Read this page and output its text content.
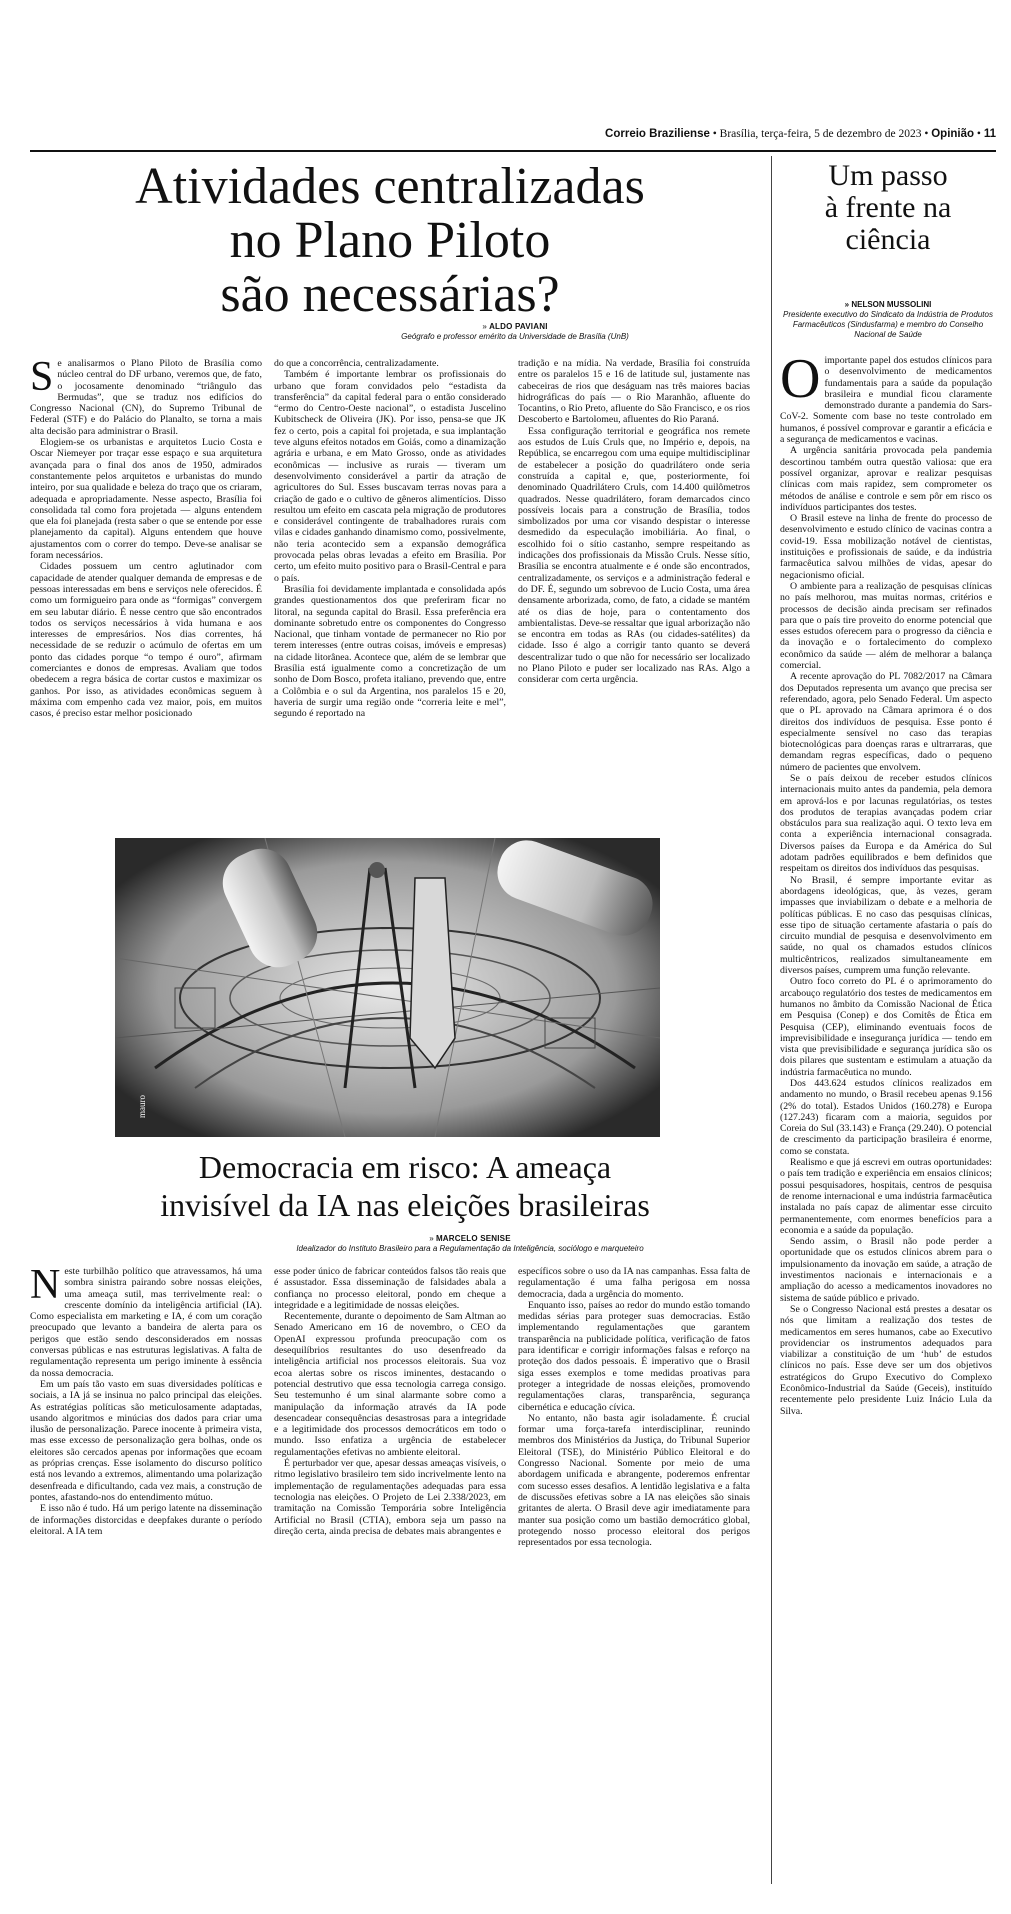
Correio Braziliense • Brasília, terça-feira, 5 de dezembro de 2023 • Opinião • 11
Atividades centralizadas
no Plano Piloto
são necessárias?
» ALDO PAVIANI
Geógrafo e professor emérito da Universidade de Brasília (UnB)
S e analisarmos o Plano Piloto de Brasília como núcleo central do DF urbano, veremos que, de fato, o jocosamente denominado “triângulo das Bermudas”, que se traduz nos edifícios do Congresso Nacional (CN), do Supremo Tribunal de Federal (STF) e do Palácio do Planalto, se torna a mais alta decisão para administrar o Brasil.

Elogiem-se os urbanistas e arquitetos Lucio Costa e Oscar Niemeyer por traçar esse espaço e sua arquitetura avançada para o final dos anos de 1950, admirados constantemente pelos arquitetos e urbanistas do mundo inteiro, por sua qualidade e beleza do traço que os criaram, adequada e apropriadamente. Nesse aspecto, Brasília foi consolidada tal como fora projetada — alguns entendem que ela foi planejada (resta saber o que se entende por esse planejamento da capital). Alguns entendem que houve ajustamentos com o correr do tempo. Deve-se analisar se foram necessários.

Cidades possuem um centro aglutinador com capacidade de atender qualquer demanda de empresas e de pessoas interessadas em bens e serviços nele oferecidos. É como um formigueiro para onde as “formigas” convergem em seu labutar diário. É nesse centro que são encontrados todos os serviços necessários à vida humana e aos interesses de empresários. Nos dias correntes, há necessidade de se reduzir o acúmulo de ofertas em um ponto das cidades porque “o tempo é ouro”, afirmam comerciantes e donos de empresas. Avaliam que todos obedecem a regra básica de cortar custos e maximizar os ganhos. Por isso, as atividades econômicas seguem à máxima com empenho cada vez maior, pois, em muitos casos, é preciso estar melhor posicionado

do que a concorrência, centralizadamente.

Também é importante lembrar os profissionais do urbano que foram convidados pelo “estadista da transferência” da capital federal para o então considerado “ermo do Centro-Oeste nacional”, o estadista Juscelino Kubitscheck de Oliveira (JK). Por isso, pensa-se que JK fez o certo, pois a capital foi projetada, e sua implantação teve alguns efeitos notados em Goiás, como a dinamização agrária e urbana, e em Mato Grosso, onde as atividades econômicas — inclusive as rurais — tiveram um desenvolvimento considerável a partir da atração de agricultores do Sul. Esses buscavam terras novas para a criação de gado e o cultivo de gêneros alimentícios. Disso resultou um efeito em cascata pela migração de produtores e considerável contingente de trabalhadores rurais com vilas e cidades ganhando dinamismo como, possivelmente, não teria acontecido sem a expansão demográfica provocada pelas obras levadas a efeito em Brasília. Por certo, um efeito muito positivo para o Brasil-Central e para o país.

Brasília foi devidamente implantada e consolidada após grandes questionamentos dos que preferiram ficar no litoral, na segunda capital do Brasil. Essa preferência era dominante sobretudo entre os componentes do Congresso Nacional, que tinham vontade de permanecer no Rio por terem interesses (entre outras coisas, imóveis e empresas) na cidade litorânea. Acontece que, além de se lembrar que Brasília está igualmente como a concretização de um sonho de Dom Bosco, profeta italiano, prevendo que, entre a Colômbia e o sul da Argentina, nos paralelos 15 e 20, haveria de surgir uma região onde “correria leite e mel”, segundo é reportado na

tradição e na mídia. Na verdade, Brasília foi construída entre os paralelos 15 e 16 de latitude sul, justamente nas cabeceiras de rios que deságuam nas três maiores bacias hidrográficas do país — o Rio Maranhão, afluente do Tocantins, o Rio Preto, afluente do São Francisco, e os rios Descoberto e Bartolomeu, afluentes do Rio Paraná.

Essa configuração territorial e geográfica nos remete aos estudos de Luís Cruls que, no Império e, depois, na República, se encarregou com uma equipe multidisciplinar de estabelecer a posição do quadrilátero onde seria construída a capital e, que, posteriormente, foi denominado Quadrilátero Cruls, com 14.400 quilômetros quadrados. Nesse quadrilátero, foram demarcados cinco possíveis locais para a construção de Brasília, todos simbolizados por uma cor visando despistar o interesse desmedido da especulação imobiliária. Ao final, o escolhido foi o sítio castanho, sempre respeitando as indicações dos profissionais da Missão Cruls. Nesse sítio, Brasília se encontra atualmente e é onde são encontrados, centralizadamente, os serviços e a administração federal e do DF. É, segundo um sobrevoo de Lucio Costa, uma área densamente arborizada, como, de fato, a cidade se mantém até os dias de hoje, para o contentamento dos ambientalistas. Deve-se ressaltar que igual arborização não se encontra em todas as RAs (ou cidades-satélites) da cidade. Isso é algo a corrigir tanto quanto se deverá descentralizar tudo o que não for necessário ser localizado no Plano Piloto e puder ser localizado nas RAs. Algo a considerar com certa urgência.

mauro
Democracia em risco: A ameaça
invisível da IA nas eleições brasileiras
» MARCELO SENISE
Idealizador do Instituto Brasileiro para a Regulamentação da Inteligência, sociólogo e marqueteiro
N este turbilhão político que atravessamos, há uma sombra sinistra pairando sobre nossas eleições, uma ameaça sutil, mas terrivelmente real: o crescente domínio da inteligência artificial (IA). Como especialista em marketing e IA, é com um coração preocupado que levanto a bandeira de alerta para os perigos que estão sendo desconsiderados em nossas conversas públicas e nas estruturas legislativas. A falta de regulamentação representa um perigo iminente à essência da nossa democracia.

Em um país tão vasto em suas diversidades políticas e sociais, a IA já se insinua no palco principal das eleições. As estratégias políticas são meticulosamente adaptadas, usando algoritmos e minúcias dos dados para criar uma ilusão de personalização. Parece inocente à primeira vista, mas esse excesso de personalização gera bolhas, onde os eleitores são cercados apenas por informações que ecoam as próprias crenças. Esse isolamento do discurso político está nos levando a extremos, alimentando uma polarização desenfreada e dificultando, cada vez mais, a construção de pontes, afastando-nos do entendimento mútuo.

E isso não é tudo. Há um perigo latente na disseminação de informações distorcidas e deepfakes durante o período eleitoral. A IA tem

esse poder único de fabricar conteúdos falsos tão reais que é assustador. Essa disseminação de falsidades abala a confiança no processo eleitoral, pondo em cheque a integridade e a legitimidade de nossas eleições.

Recentemente, durante o depoimento de Sam Altman ao Senado Americano em 16 de novembro, o CEO da OpenAI expressou profunda preocupação com os desequilíbrios resultantes do uso desenfreado da inteligência artificial nos processos eleitorais. Sua voz ecoa alertas sobre os riscos iminentes, destacando o potencial destrutivo que essa tecnologia carrega consigo. Seu testemunho é um sinal alarmante sobre como a manipulação da informação através da IA pode desencadear consequências desastrosas para a integridade e a legitimidade dos processos democráticos em todo o mundo. Isso enfatiza a urgência de estabelecer regulamentações efetivas no ambiente eleitoral.

É perturbador ver que, apesar dessas ameaças visíveis, o ritmo legislativo brasileiro tem sido incrivelmente lento na implementação de regulamentações adequadas para essa tecnologia nas eleições. O Projeto de Lei 2.338/2023, em tramitação na Comissão Temporária sobre Inteligência Artificial no Brasil (CTIA), embora seja um passo na direção certa, ainda precisa de debates mais abrangentes e

específicos sobre o uso da IA nas campanhas. Essa falta de regulamentação é uma falha perigosa em nossa democracia, dada a urgência do momento.

Enquanto isso, países ao redor do mundo estão tomando medidas sérias para proteger suas democracias. Estão implementando regulamentações que garantem transparência na publicidade política, verificação de fatos para identificar e corrigir informações falsas e reforço na proteção dos dados pessoais. É imperativo que o Brasil siga esses exemplos e tome medidas proativas para proteger a integridade de nossas eleições, promovendo regulamentações claras, transparência, segurança cibernética e educação cívica.

No entanto, não basta agir isoladamente. É crucial formar uma força-tarefa interdisciplinar, reunindo membros dos Ministérios da Justiça, do Tribunal Superior Eleitoral (TSE), do Ministério Público Eleitoral e do Congresso Nacional. Somente por meio de uma abordagem unificada e abrangente, poderemos enfrentar com sucesso esses desafios. A lentidão legislativa e a falta de discussões efetivas sobre a IA nas eleições são sinais gritantes de alerta. O Brasil deve agir imediatamente para manter sua posição como um bastião democrático global, protegendo nosso processo eleitoral dos perigos representados por essa tecnologia.

Um passo
à frente na
ciência
» NELSON MUSSOLINI
Presidente executivo do Sindicato da Indústria de Produtos Farmacêuticos (Sindusfarma) e membro do Conselho Nacional de Saúde
O importante papel dos estudos clínicos para o desenvolvimento de medicamentos fundamentais para a saúde da população brasileira e mundial ficou claramente demonstrado durante a pandemia do Sars-CoV-2. Somente com base no teste controlado em humanos, é possível comprovar e garantir a eficácia e a segurança de medicamentos e vacinas.

A urgência sanitária provocada pela pandemia descortinou também outra questão valiosa: que era possível organizar, aprovar e realizar pesquisas clínicas com mais rapidez, sem comprometer os métodos de análise e controle e sem pôr em risco os indivíduos participantes dos testes.

O Brasil esteve na linha de frente do processo de desenvolvimento e estudo clínico de vacinas contra a covid-19. Essa mobilização notável de cientistas, instituições e profissionais de saúde, e da indústria farmacêutica salvou milhões de vidas, apesar do negacionismo oficial.

O ambiente para a realização de pesquisas clínicas no país melhorou, mas muitas normas, critérios e processos de decisão ainda precisam ser refinados para que o país tire proveito do enorme potencial que esses estudos oferecem para o progresso da ciência e da inovação e o fortalecimento do complexo econômico da saúde — além de melhorar a balança comercial.

A recente aprovação do PL 7082/2017 na Câmara dos Deputados representa um avanço que precisa ser referendado, agora, pelo Senado Federal. Um aspecto que o PL aprovado na Câmara aprimora é o dos direitos dos indivíduos de pesquisa. Esse ponto é especialmente sensível no caso das terapias biotecnológicas para doenças raras e ultrarraras, que demandam regras específicas, dado o pequeno número de pacientes que envolvem.

Se o país deixou de receber estudos clínicos internacionais muito antes da pandemia, pela demora em aprová-los e por lacunas regulatórias, os testes dos produtos de terapias avançadas podem criar obstáculos para sua realização aqui. O texto leva em conta a experiência internacional consagrada. Diversos países da Europa e da América do Sul adotam padrões equilibrados e bem definidos que respeitam os direitos dos indivíduos das pesquisas.

No Brasil, é sempre importante evitar as abordagens ideológicas, que, às vezes, geram impasses que inviabilizam o debate e a melhoria de políticas públicas. E no caso das pesquisas clínicas, esse tipo de situação certamente afastaria o país do circuito mundial de pesquisa e desenvolvimento em saúde, no qual os chamados estudos clínicos multicêntricos, realizados simultaneamente em diversos países, cumprem uma função relevante.

Outro foco correto do PL é o aprimoramento do arcabouço regulatório dos testes de medicamentos em humanos no âmbito da Comissão Nacional de Ética em Pesquisa (Conep) e dos Comitês de Ética em Pesquisa (CEP), eliminando eventuais focos de imprevisibilidade e insegurança jurídica — tendo em vista que previsibilidade e segurança jurídica são os dois pilares que sustentam e estimulam a atuação da indústria farmacêutica no mundo.

Dos 443.624 estudos clínicos realizados em andamento no mundo, o Brasil recebeu apenas 9.156 (2% do total). Estados Unidos (160.278) e Europa (127.243) ficaram com a maioria, seguidos por Coreia do Sul (33.143) e França (29.240). O potencial de crescimento da participação brasileira é enorme, como se constata.

Realismo e que já escrevi em outras oportunidades: o país tem tradição e experiência em ensaios clínicos; possui pesquisadores, hospitais, centros de pesquisa de renome internacional e uma indústria farmacêutica instalada no país capaz de alimentar esse circuito permanentemente, com enormes benefícios para a economia e a saúde da população.

Sendo assim, o Brasil não pode perder a oportunidade que os estudos clínicos abrem para o impulsionamento da inovação em saúde, a atração de investimentos nacionais e internacionais e a ampliação do acesso a medicamentos inovadores no sistema de saúde público e privado.

Se o Congresso Nacional está prestes a desatar os nós que limitam a realização dos testes de medicamentos em seres humanos, cabe ao Executivo providenciar os instrumentos adequados para viabilizar a constituição de um ‘hub’ de estudos clínicos no país. Esse deve ser um dos objetivos estratégicos do Grupo Executivo do Complexo Econômico-Industrial da Saúde (Geceis), instituído recentemente pelo presidente Luiz Inácio Lula da Silva.
